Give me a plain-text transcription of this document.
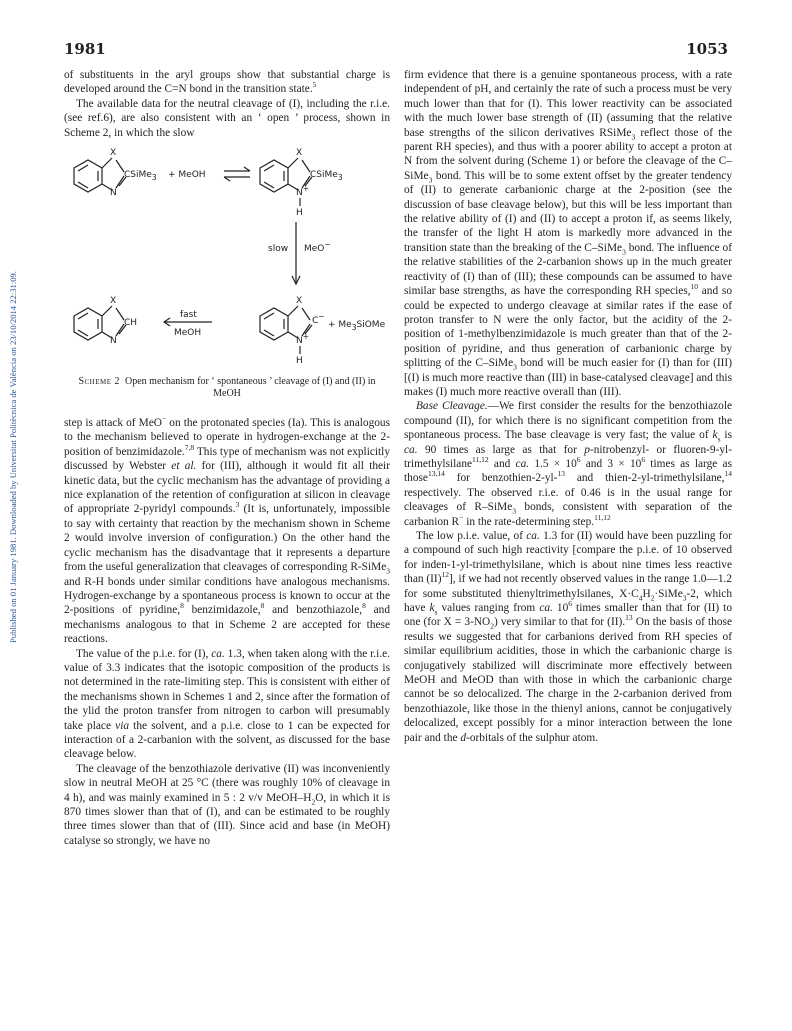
1981	1053
Published on 01 January 1981. Downloaded by Universitat Politècnica de València on 23/10/2014 22:31:09.

of substituents in the aryl groups show that substantial charge is developed around the C=N bond in the transition state.$^5$

The available data for the neutral cleavage of (I), including the r.i.e. (see ref.6), are also consistent with an ‘ open ’ process, shown in Scheme 2, in which the slow

X
CSiMe$_3$ + MeOH
N
X
CSiMe$_3$
N+
H
slow MeO−
X
CH
N
fast
MeOH
X
C−
N+
H
+ $Me_3SiOMe$
Scheme 2 Open mechanism for ‘ spontaneous ’ cleavage of (I) and (II) in MeOH

step is attack of MeO− on the protonated species (Ia). This is analogous to the mechanism believed to operate in hydrogen-exchange at the 2-position of benzimidazole.$^{7,8}$ This type of mechanism was not explicitly discussed by Webster et al. for (III), although it would fit all their kinetic data, but the cyclic mechanism has the advantage of providing a nice explanation of the retention of configuration at silicon in cleavage of appropriate 2-pyridyl compounds.$^3$ (It is, unfortunately, impossible to say with certainty that reaction by the mechanism shown in Scheme 2 would involve inversion of configuration.) On the other hand the cyclic mechanism has the disadvantage that it represents a departure from the useful generalization that cleavages of corresponding R-SiMe$_3$ and R-H bonds under similar conditions have analogous mechanisms. Hydrogen-exchange by a spontaneous process is known to occur at the 2-positions of pyridine,$^8$ benzimidazole,$^8$ and benzothiazole,$^8$ and mechanisms analogous to that in Scheme 2 are accepted for these reactions.

The value of the p.i.e. for (I), ca. 1.3, when taken along with the r.i.e. value of 3.3 indicates that the isotopic composition of the products is not determined in the rate-limiting step. This is consistent with either of the mechanisms shown in Schemes 1 and 2, since after the formation of the ylid the proton transfer from nitrogen to carbon will presumably take place via the solvent, and a p.i.e. close to 1 can be expected for interaction of a 2-carbanion with the solvent, as discussed for the base cleavage below.

The cleavage of the benzothiazole derivative (II) was inconveniently slow in neutral MeOH at 25 °C (there was roughly 10% of cleavage in 4 h), and was mainly examined in 5 : 2 v/v MeOH–$H_2O$, in which it is 870 times slower than that of (I), and can be estimated to be roughly three times slower than that of (III). Since acid and base (in MeOH) catalyse so strongly, we have no

firm evidence that there is a genuine spontaneous process, with a rate independent of pH, and certainly the rate of such a process must be very much lower than that for (I). This lower reactivity can be associated with the much lower base strength of (II) (assuming that the relative base strengths of the silicon derivatives RSiMe$_3$ reflect those of the parent RH species), and thus with a poorer ability to accept a proton at N from the solvent during (Scheme 1) or before the cleavage of the C–SiMe$_3$ bond. This will be to some extent offset by the greater tendency of (II) to generate carbanionic charge at the 2-position (see the discussion of base cleavage below), but this will be less important than the relative ability of (I) and (II) to accept a proton if, as seems likely, the transfer of the light H atom is markedly more advanced in the transition state than the breaking of the C–SiMe$_3$ bond. The influence of the relative stabilities of the 2-carbanion shows up in the much greater reactivity of (I) than of (III); these compounds can be assumed to have similar base strengths, as have the corresponding RH species,$^{10}$ and so could be expected to undergo cleavage at similar rates if the ease of proton transfer to N were the only factor, but the acidity of the 2-position of 1-methylbenzimidazole is much greater than that of the 2-position of pyridine, and thus generation of carbanionic charge by splitting of the C–SiMe$_3$ bond will be much easier for (I) than for (III) [(I) is much more reactive than (III) in base-catalysed cleavage] and this makes (I) much more reactive overall than (III).

Base Cleavage.—We first consider the results for the benzothiazole compound (II), for which there is no significant competition from the spontaneous process. The base cleavage is very fast; the value of $k_s$ is ca. 90 times as large as that for p-nitrobenzyl- or fluoren-9-yl-trimethylsilane$^{11,12}$ and ca. $1.5 \times 10^6$ and $3 \times 10^6$ times as large as those$^{13,14}$ for benzothien-2-yl-$^{13}$ and thien-2-yl-trimethylsilane,$^{14}$ respectively. The observed r.i.e. of 0.46 is in the usual range for cleavages of R–SiMe$_3$ bonds, consistent with separation of the carbanion R− in the rate-determining step.$^{11,12}$

The low p.i.e. value, of ca. 1.3 for (II) would have been puzzling for a compound of such high reactivity [compare the p.i.e. of 10 observed for inden-1-yl-trimethylsilane, which is about nine times less reactive than (II)$^{12}$], if we had not recently observed values in the range 1.0—1.2 for some substituted thienyltrimethylsilanes, $X\cdot C_4H_2\cdot SiMe_3-2$, which have $k_s$ values ranging from ca. $10^6$ times smaller than that for (II) to one (for $X = 3-NO_2$) very similar to that for (II).$^{13}$ On the basis of those results we suggested that for carbanions derived from RH species of similar equilibrium acidities, those in which the carbanionic charge is conjugatively stabilized will discriminate more effectively between MeOH and MeOD than with those in which the carbanionic charge cannot be so delocalized. The charge in the 2-carbanion derived from benzothiazole, like those in the thienyl anions, cannot be conjugatively delocalized, except possibly for a minor interaction between the lone pair and the d-orbitals of the sulphur atom.
